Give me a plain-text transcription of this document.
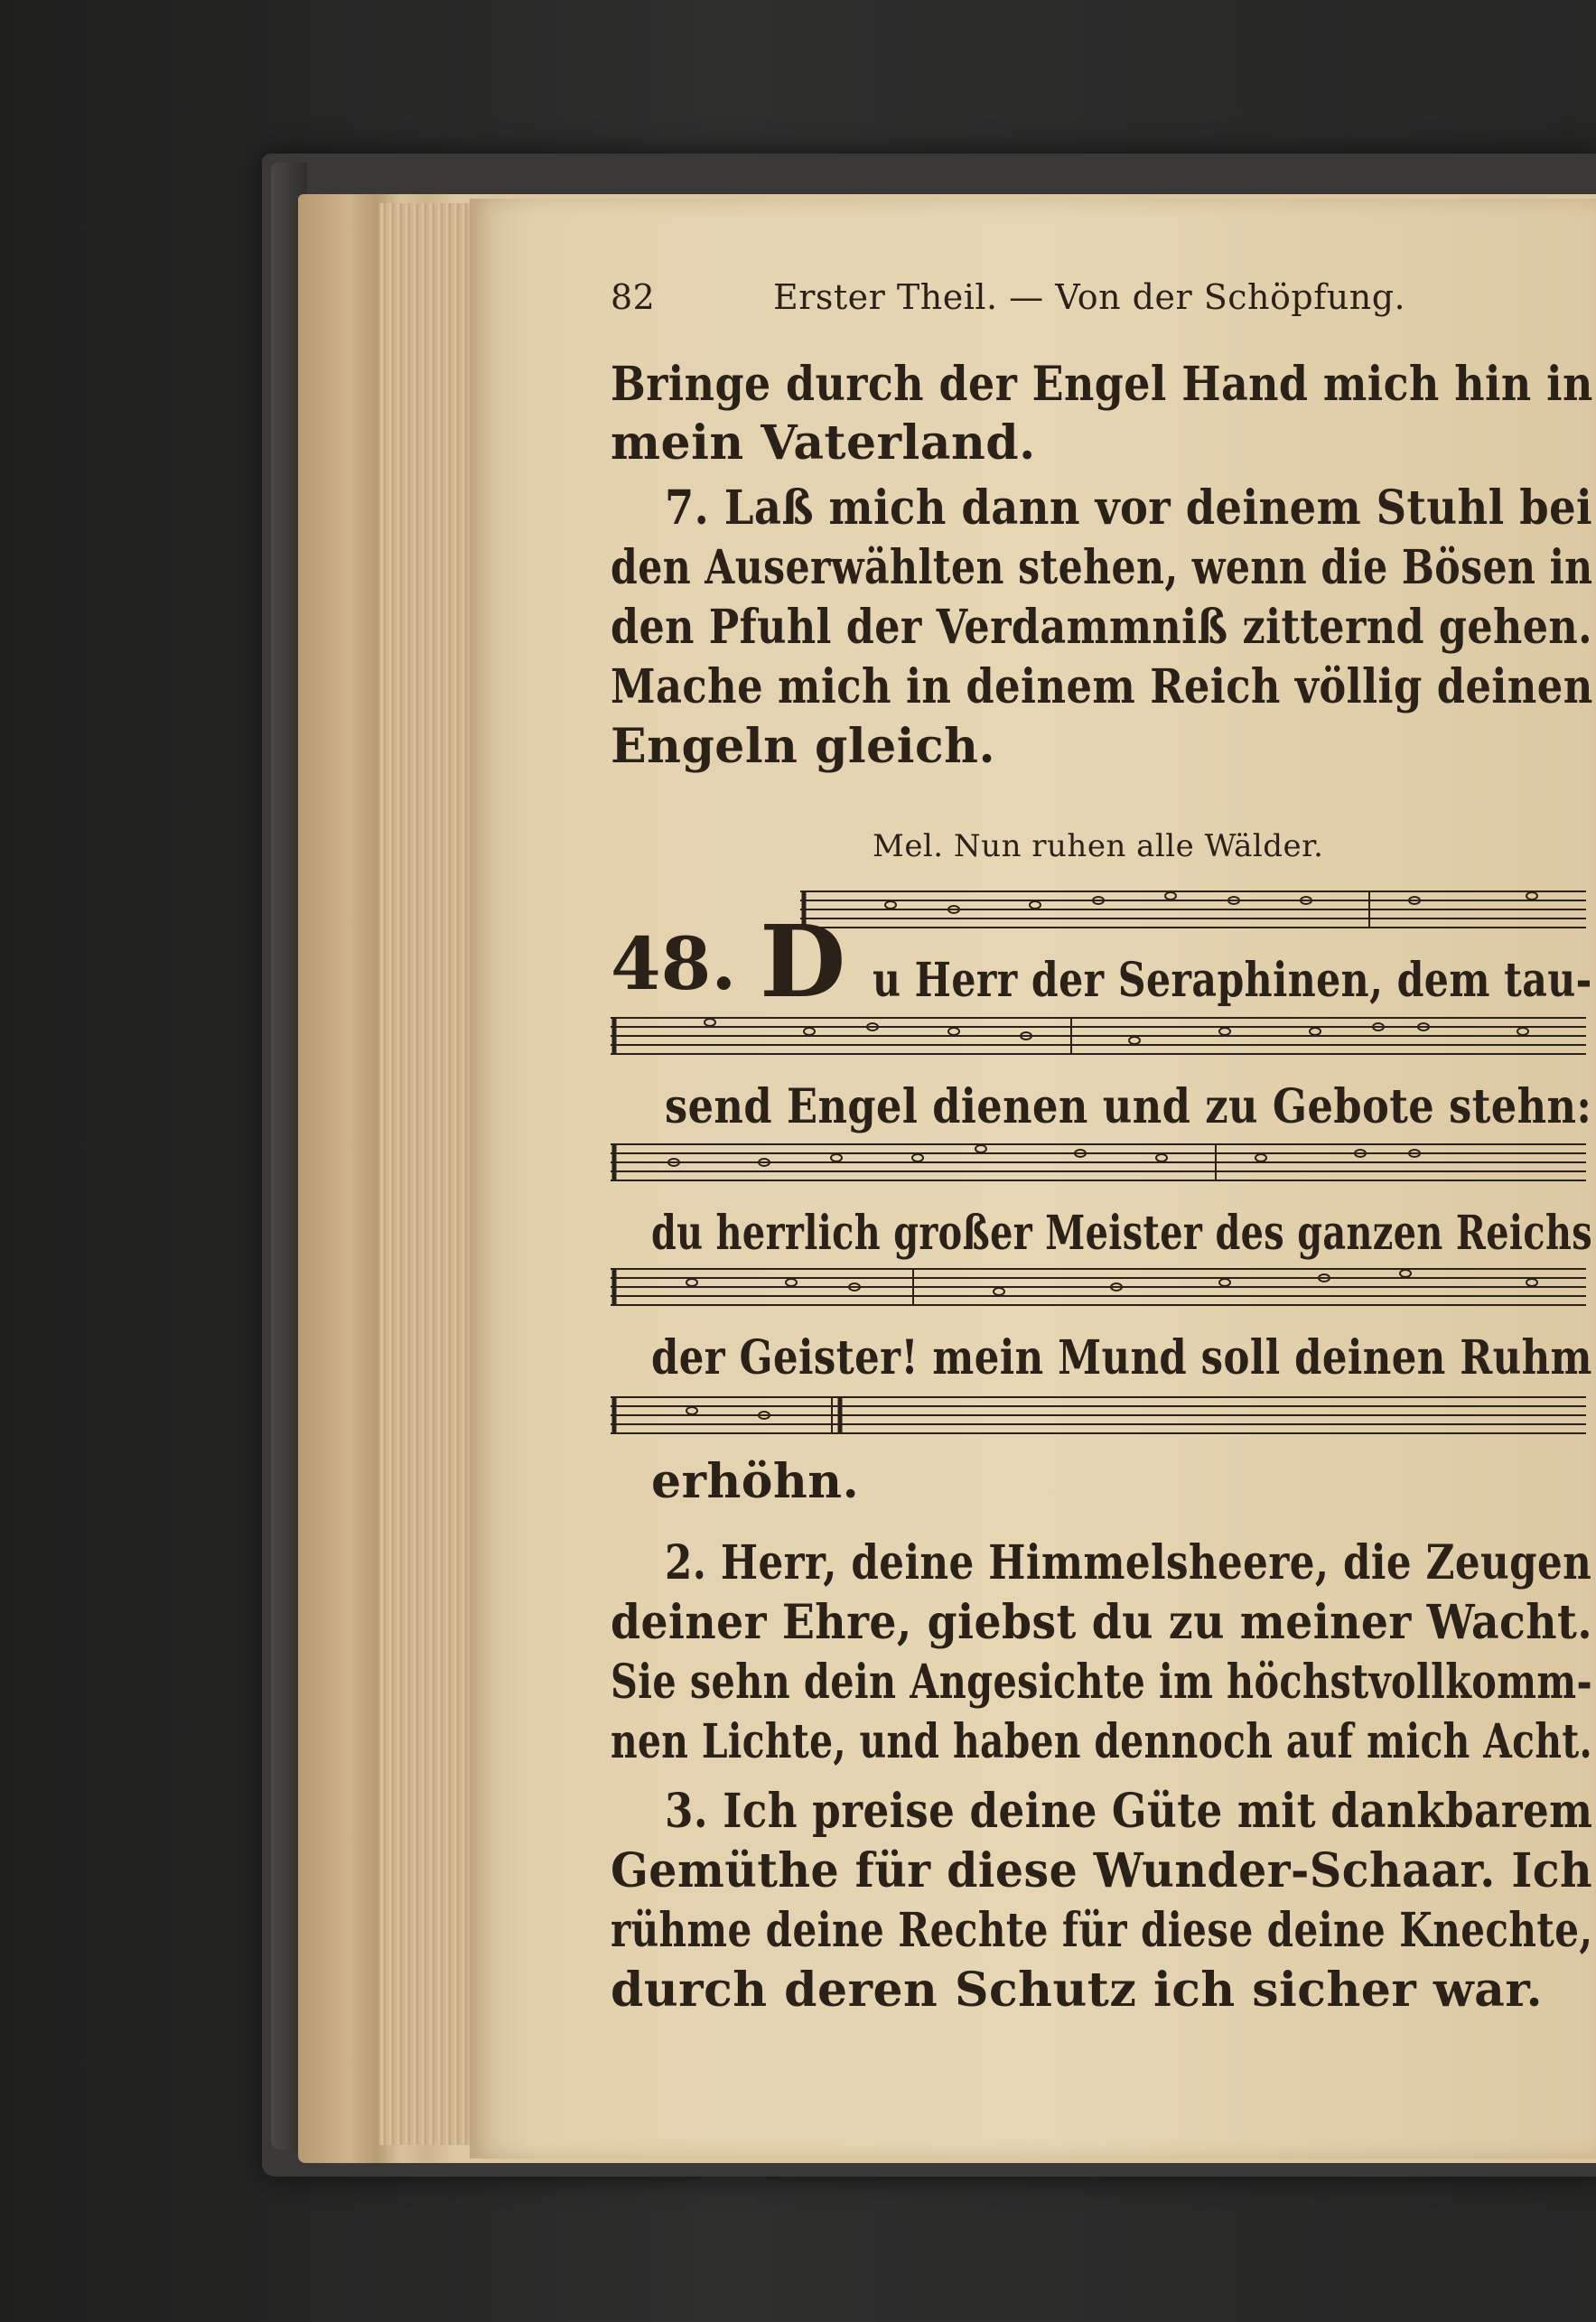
82	Erster Theil. — Von der Schöpfung.
Bringe durch der Engel Hand mich hin in
mein Vaterland.
7. Laß mich dann vor deinem Stuhl bei
den Auserwählten stehen, wenn die Bösen in
den Pfuhl der Verdammniß zitternd gehen.
Mache mich in deinem Reich völlig deinen
Engeln gleich.
Mel. Nun ruhen alle Wälder.
48. D u Herr der Seraphinen, dem tau-
send Engel dienen und zu Gebote stehn:
du herrlich großer Meister des ganzen Reichs
der Geister! mein Mund soll deinen Ruhm
erhöhn.
2. Herr, deine Himmelsheere, die Zeugen
deiner Ehre, giebst du zu meiner Wacht.
Sie sehn dein Angesichte im höchstvollkomm-
nen Lichte, und haben dennoch auf mich Acht.
3. Ich preise deine Güte mit dankbarem
Gemüthe für diese Wunder-Schaar. Ich
rühme deine Rechte für diese deine Knechte,
durch deren Schutz ich sicher war.
